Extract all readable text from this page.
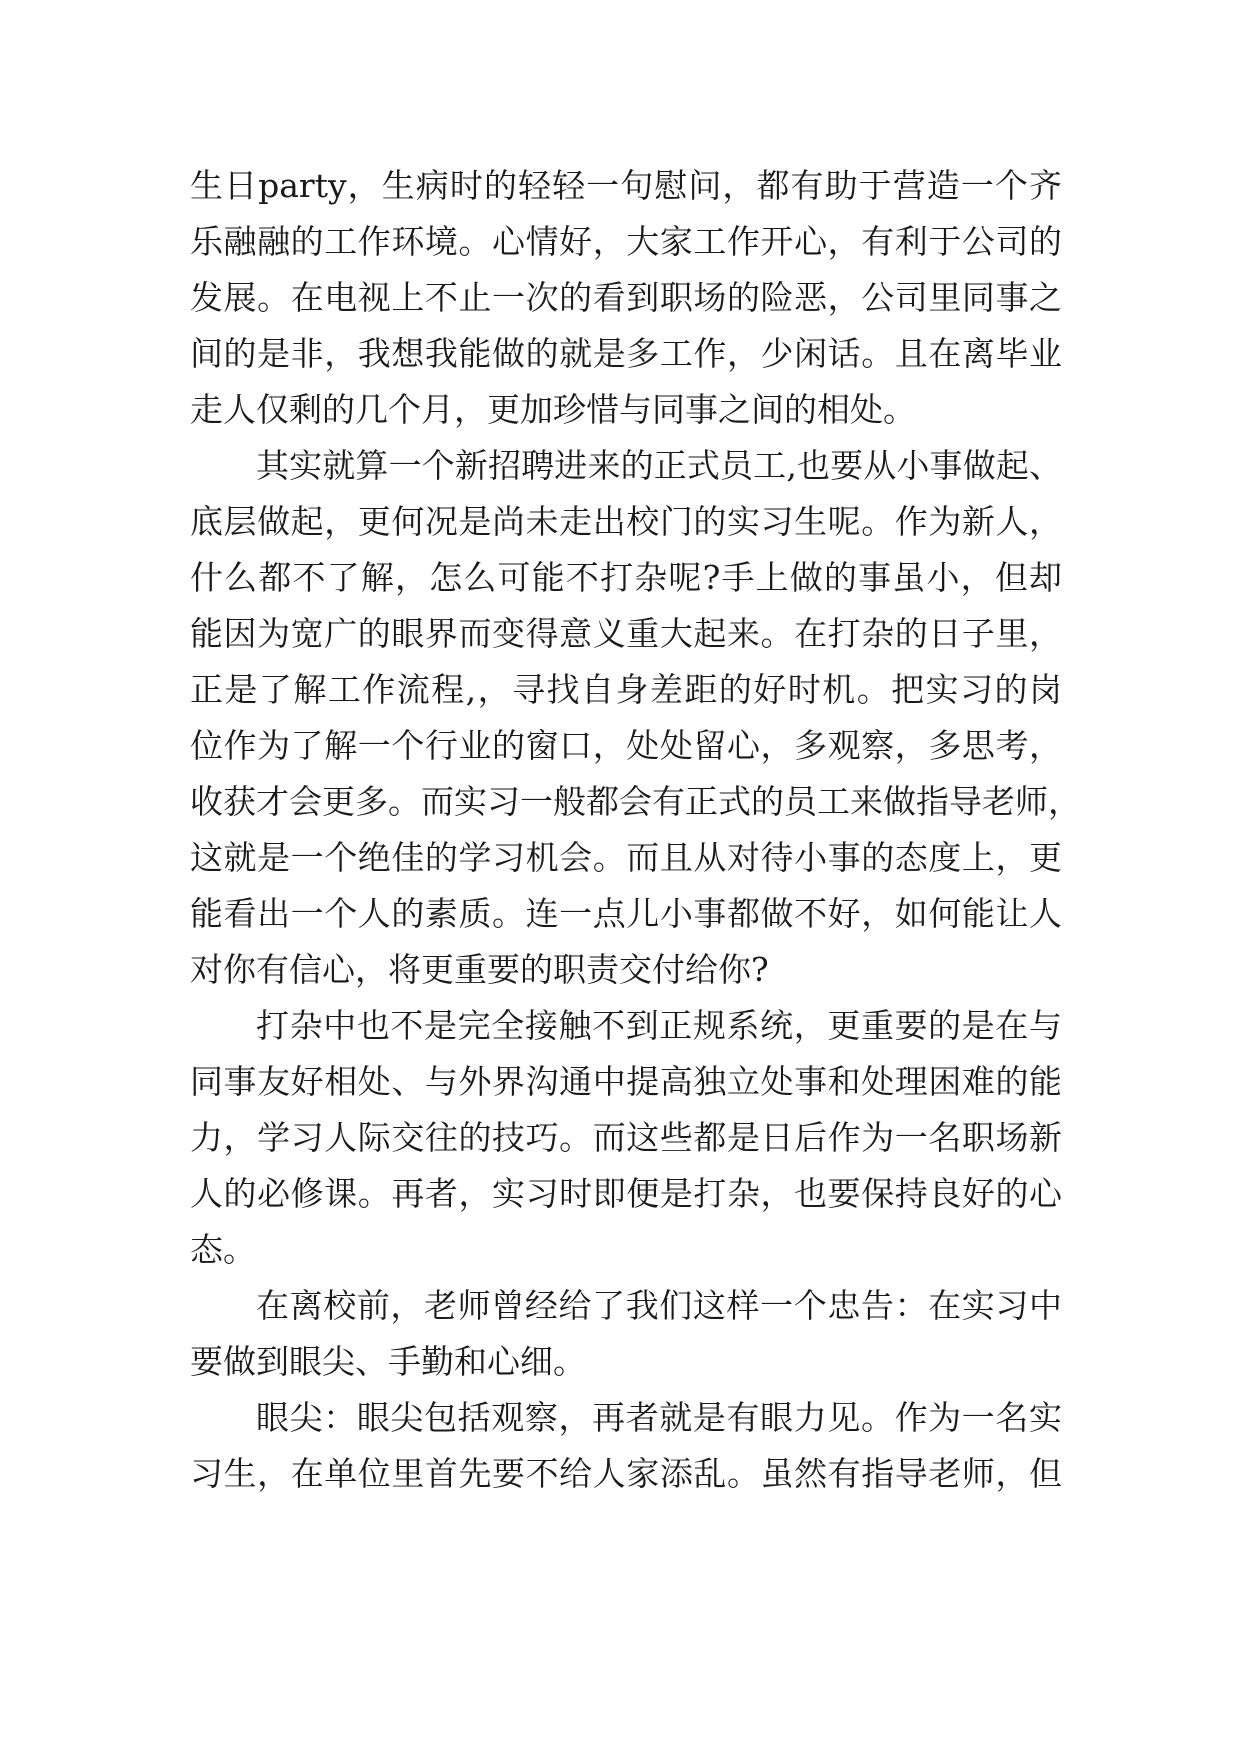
生日party，生病时的轻轻一句慰问，都有助于营造一个齐
乐融融的工作环境。心情好，大家工作开心，有利于公司的
发展。在电视上不止一次的看到职场的险恶，公司里同事之
间的是非，我想我能做的就是多工作，少闲话。且在离毕业
走人仅剩的几个月，更加珍惜与同事之间的相处。
其实就算一个新招聘进来的正式员工,也要从小事做起、
底层做起，更何况是尚未走出校门的实习生呢。作为新人，
什么都不了解，怎么可能不打杂呢?手上做的事虽小，但却
能因为宽广的眼界而变得意义重大起来。在打杂的日子里，
正是了解工作流程,，寻找自身差距的好时机。把实习的岗
位作为了解一个行业的窗口，处处留心，多观察，多思考，
收获才会更多。而实习一般都会有正式的员工来做指导老师，
这就是一个绝佳的学习机会。而且从对待小事的态度上，更
能看出一个人的素质。连一点儿小事都做不好，如何能让人
对你有信心，将更重要的职责交付给你?
打杂中也不是完全接触不到正规系统，更重要的是在与
同事友好相处、与外界沟通中提高独立处事和处理困难的能
力，学习人际交往的技巧。而这些都是日后作为一名职场新
人的必修课。再者，实习时即便是打杂，也要保持良好的心
态。
在离校前，老师曾经给了我们这样一个忠告：在实习中
要做到眼尖、手勤和心细。
眼尖：眼尖包括观察，再者就是有眼力见。作为一名实
习生，在单位里首先要不给人家添乱。虽然有指导老师，但
